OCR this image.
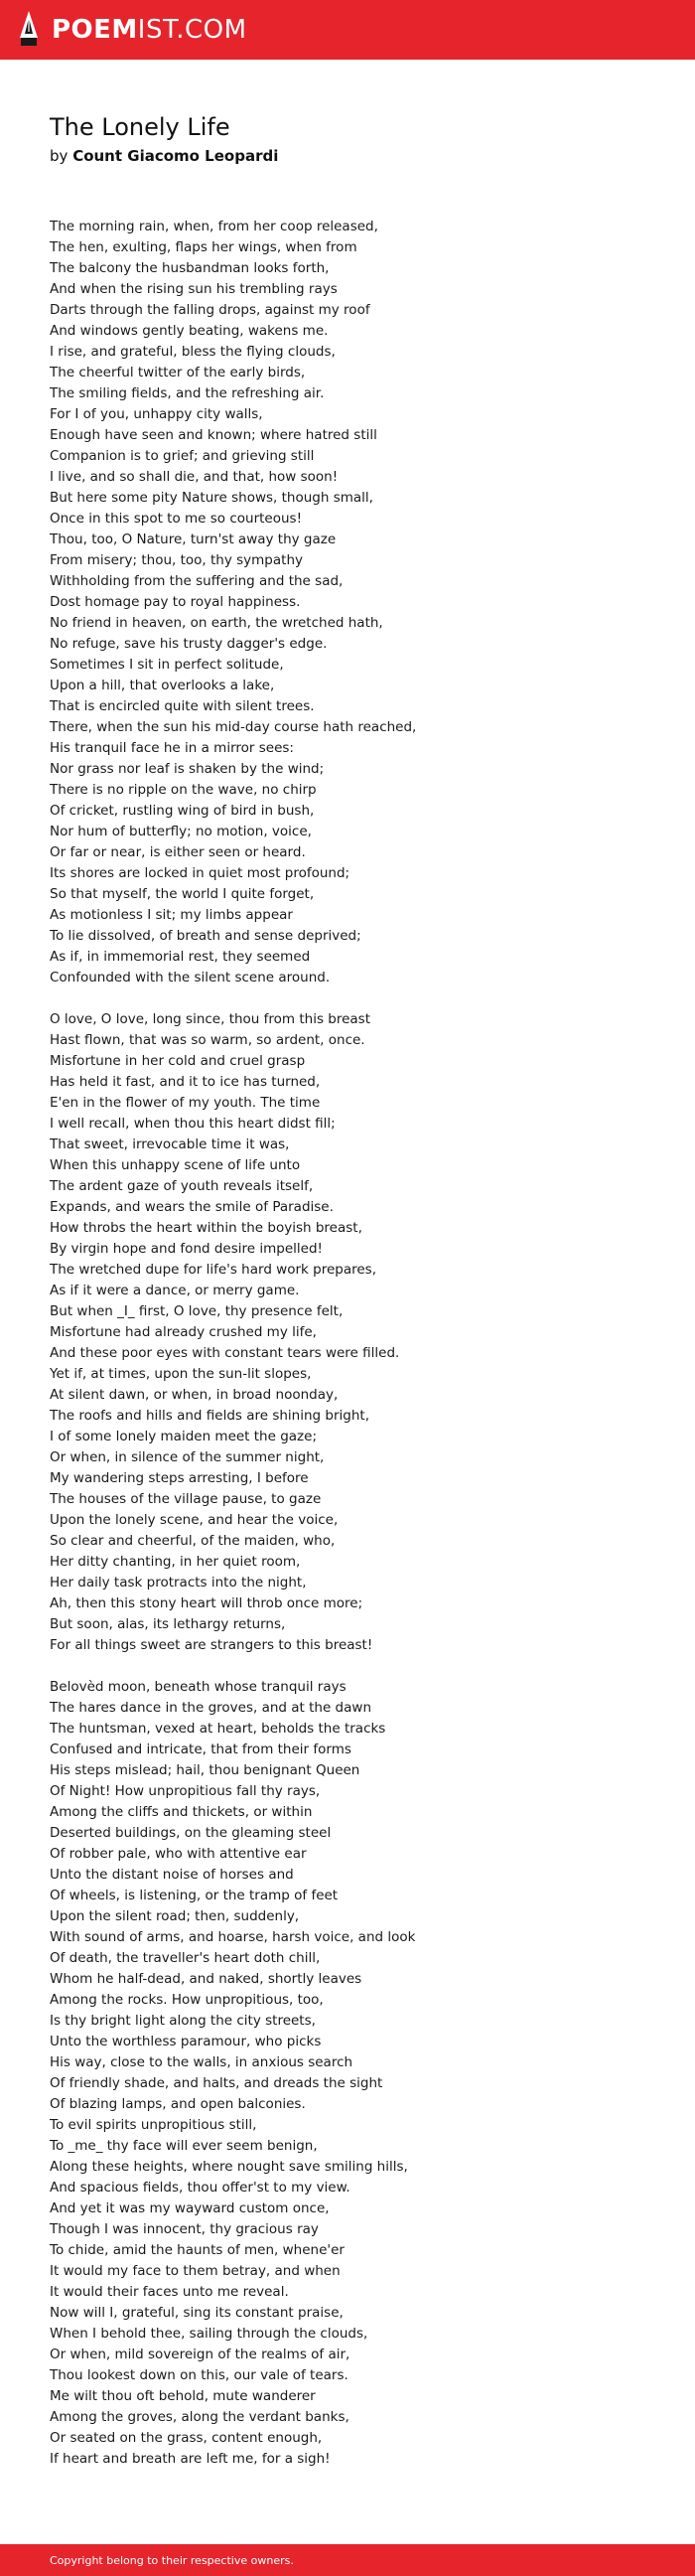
POEMIST.COM
The Lonely Life
by Count Giacomo Leopardi
The morning rain, when, from her coop released,
The hen, exulting, flaps her wings, when from
The balcony the husbandman looks forth,
And when the rising sun his trembling rays
Darts through the falling drops, against my roof
And windows gently beating, wakens me.
I rise, and grateful, bless the flying clouds,
The cheerful twitter of the early birds,
The smiling fields, and the refreshing air.
For I of you, unhappy city walls,
Enough have seen and known; where hatred still
Companion is to grief; and grieving still
I live, and so shall die, and that, how soon!
But here some pity Nature shows, though small,
Once in this spot to me so courteous!
Thou, too, O Nature, turn'st away thy gaze
From misery; thou, too, thy sympathy
Withholding from the suffering and the sad,
Dost homage pay to royal happiness.
No friend in heaven, on earth, the wretched hath,
No refuge, save his trusty dagger's edge.
Sometimes I sit in perfect solitude,
Upon a hill, that overlooks a lake,
That is encircled quite with silent trees.
There, when the sun his mid-day course hath reached,
His tranquil face he in a mirror sees:
Nor grass nor leaf is shaken by the wind;
There is no ripple on the wave, no chirp
Of cricket, rustling wing of bird in bush,
Nor hum of butterfly; no motion, voice,
Or far or near, is either seen or heard.
Its shores are locked in quiet most profound;
So that myself, the world I quite forget,
As motionless I sit; my limbs appear
To lie dissolved, of breath and sense deprived;
As if, in immemorial rest, they seemed
Confounded with the silent scene around.
O love, O love, long since, thou from this breast
Hast flown, that was so warm, so ardent, once.
Misfortune in her cold and cruel grasp
Has held it fast, and it to ice has turned,
E'en in the flower of my youth. The time
I well recall, when thou this heart didst fill;
That sweet, irrevocable time it was,
When this unhappy scene of life unto
The ardent gaze of youth reveals itself,
Expands, and wears the smile of Paradise.
How throbs the heart within the boyish breast,
By virgin hope and fond desire impelled!
The wretched dupe for life's hard work prepares,
As if it were a dance, or merry game.
But when _I_ first, O love, thy presence felt,
Misfortune had already crushed my life,
And these poor eyes with constant tears were filled.
Yet if, at times, upon the sun-lit slopes,
At silent dawn, or when, in broad noonday,
The roofs and hills and fields are shining bright,
I of some lonely maiden meet the gaze;
Or when, in silence of the summer night,
My wandering steps arresting, I before
The houses of the village pause, to gaze
Upon the lonely scene, and hear the voice,
So clear and cheerful, of the maiden, who,
Her ditty chanting, in her quiet room,
Her daily task protracts into the night,
Ah, then this stony heart will throb once more;
But soon, alas, its lethargy returns,
For all things sweet are strangers to this breast!
Belovèd moon, beneath whose tranquil rays
The hares dance in the groves, and at the dawn
The huntsman, vexed at heart, beholds the tracks
Confused and intricate, that from their forms
His steps mislead; hail, thou benignant Queen
Of Night! How unpropitious fall thy rays,
Among the cliffs and thickets, or within
Deserted buildings, on the gleaming steel
Of robber pale, who with attentive ear
Unto the distant noise of horses and
Of wheels, is listening, or the tramp of feet
Upon the silent road; then, suddenly,
With sound of arms, and hoarse, harsh voice, and look
Of death, the traveller's heart doth chill,
Whom he half-dead, and naked, shortly leaves
Among the rocks. How unpropitious, too,
Is thy bright light along the city streets,
Unto the worthless paramour, who picks
His way, close to the walls, in anxious search
Of friendly shade, and halts, and dreads the sight
Of blazing lamps, and open balconies.
To evil spirits unpropitious still,
To _me_ thy face will ever seem benign,
Along these heights, where nought save smiling hills,
And spacious fields, thou offer'st to my view.
And yet it was my wayward custom once,
Though I was innocent, thy gracious ray
To chide, amid the haunts of men, whene'er
It would my face to them betray, and when
It would their faces unto me reveal.
Now will I, grateful, sing its constant praise,
When I behold thee, sailing through the clouds,
Or when, mild sovereign of the realms of air,
Thou lookest down on this, our vale of tears.
Me wilt thou oft behold, mute wanderer
Among the groves, along the verdant banks,
Or seated on the grass, content enough,
If heart and breath are left me, for a sigh!
Copyright belong to their respective owners.
